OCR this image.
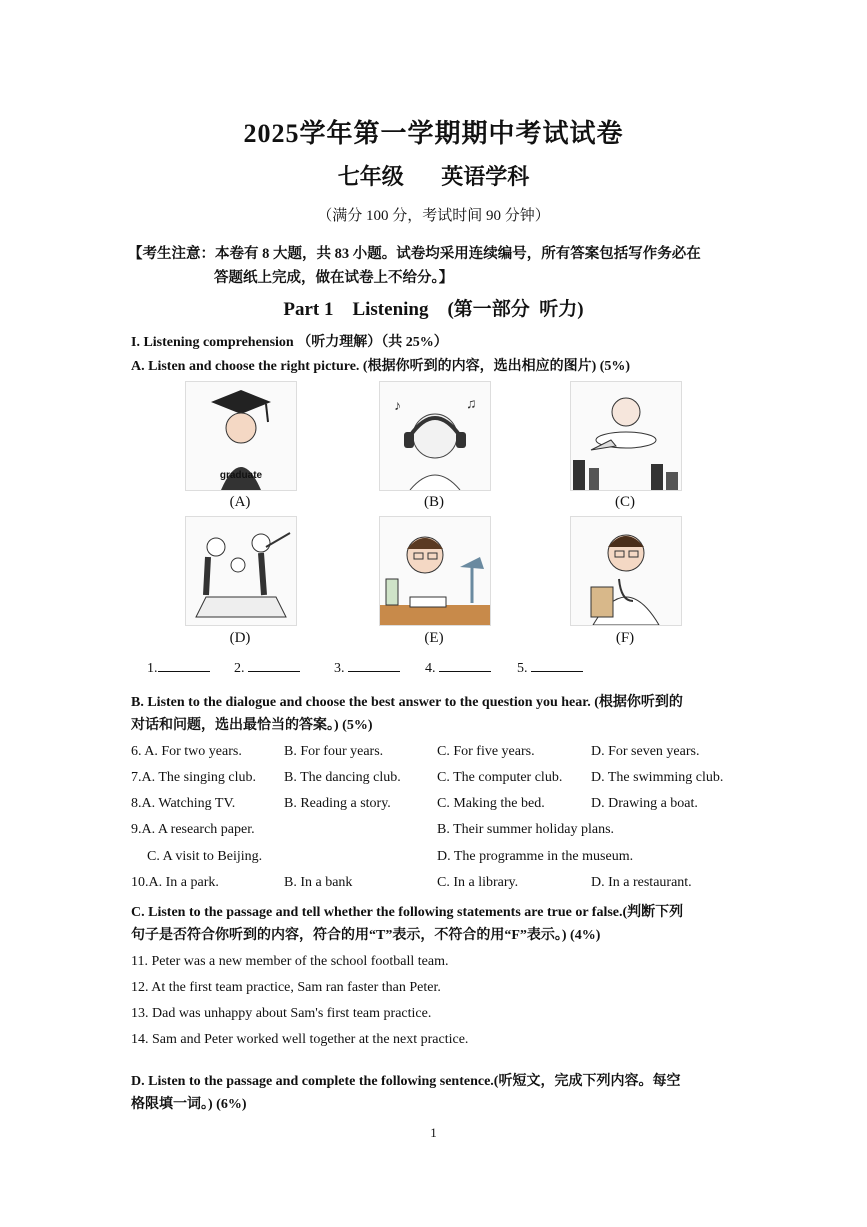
2025学年第一学期期中考试试卷
七年级 英语学科
（满分 100 分，考试时间 90 分钟）
【考生注意：本卷有 8 大题，共 83 小题。试卷均采用连续编号，所有答案包括写作务必在
答题纸上完成，做在试卷上不给分。】
Part 1    Listening    (第一部分  听力)
I. Listening comprehension （听力理解）（共 25%）
A. Listen and choose the right picture. (根据你听到的内容，选出相应的图片) (5%)
graduate
♪	♫
(A)	(B)	(C)
(D)	(E)	(F)
1.	2.	3.	4.	5.
B. Listen to the dialogue and choose the best answer to the question you hear. (根据你听到的
对话和问题，选出最恰当的答案。) (5%)
6. A. For two years.	B. For four years.	C. For five years.	D. For seven years.
7.A. The singing club. B. The dancing club.	C. The computer club. D. The swimming club.
8.A. Watching TV.	B. Reading a story.	C. Making the bed.	D. Drawing a boat.
9.A. A research paper.	B. Their summer holiday plans.
C. A visit to Beijing.	D. The programme in the museum.
10.A. In a park.	B. In a bank	C. In a library.	D. In a restaurant.
C. Listen to the passage and tell whether the following statements are true or false.(判断下列
句子是否符合你听到的内容，符合的用“T”表示，不符合的用“F”表示。) (4%)
11. Peter was a new member of the school football team.
12. At the first team practice, Sam ran faster than Peter.
13. Dad was unhappy about Sam's first team practice.
14. Sam and Peter worked well together at the next practice.
D. Listen to the passage and complete the following sentence.(听短文，完成下列内容。每空
格限填一词。) (6%)
1
